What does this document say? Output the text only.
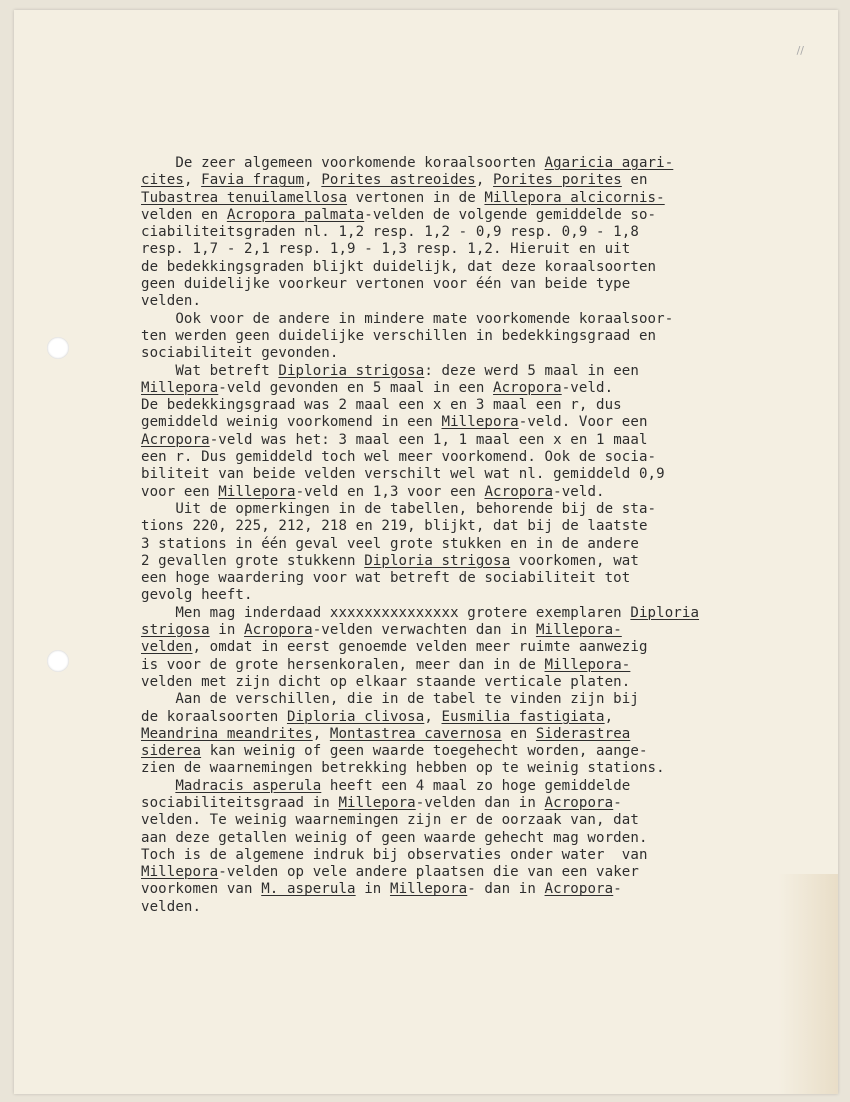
//
De zeer algemeen voorkomende koraalsoorten Agaricia agari-
cites, Favia fragum, Porites astreoides, Porites porites en
Tubastrea tenuilamellosa vertonen in de Millepora alcicornis-
velden en Acropora palmata-velden de volgende gemiddelde so-
ciabiliteitsgraden nl. 1,2 resp. 1,2 - 0,9 resp. 0,9 - 1,8
resp. 1,7 - 2,1 resp. 1,9 - 1,3 resp. 1,2. Hieruit en uit
de bedekkingsgraden blijkt duidelijk, dat deze koraalsoorten
geen duidelijke voorkeur vertonen voor één van beide type
velden.
Ook voor de andere in mindere mate voorkomende koraalsoor-
ten werden geen duidelijke verschillen in bedekkingsgraad en
sociabiliteit gevonden.
Wat betreft Diploria strigosa: deze werd 5 maal in een
Millepora-veld gevonden en 5 maal in een Acropora-veld.
De bedekkingsgraad was 2 maal een x en 3 maal een r, dus
gemiddeld weinig voorkomend in een Millepora-veld. Voor een
Acropora-veld was het: 3 maal een 1, 1 maal een x en 1 maal
een r. Dus gemiddeld toch wel meer voorkomend. Ook de socia-
biliteit van beide velden verschilt wel wat nl. gemiddeld 0,9
voor een Millepora-veld en 1,3 voor een Acropora-veld.
Uit de opmerkingen in de tabellen, behorende bij de sta-
tions 220, 225, 212, 218 en 219, blijkt, dat bij de laatste
3 stations in één geval veel grote stukken en in de andere
2 gevallen grote stukkenn Diploria strigosa voorkomen, wat
een hoge waardering voor wat betreft de sociabiliteit tot
gevolg heeft.
Men mag inderdaad xxxxxxxxxxxxxxx grotere exemplaren Diploria
strigosa in Acropora-velden verwachten dan in Millepora-
velden, omdat in eerst genoemde velden meer ruimte aanwezig
is voor de grote hersenkoralen, meer dan in de Millepora-
velden met zijn dicht op elkaar staande verticale platen.
Aan de verschillen, die in de tabel te vinden zijn bij
de koraalsoorten Diploria clivosa, Eusmilia fastigiata,
Meandrina meandrites, Montastrea cavernosa en Siderastrea
siderea kan weinig of geen waarde toegehecht worden, aange-
zien de waarnemingen betrekking hebben op te weinig stations.
Madracis asperula heeft een 4 maal zo hoge gemiddelde
sociabiliteitsgraad in Millepora-velden dan in Acropora-
velden. Te weinig waarnemingen zijn er de oorzaak van, dat
aan deze getallen weinig of geen waarde gehecht mag worden.
Toch is de algemene indruk bij observaties onder water  van
Millepora-velden op vele andere plaatsen die van een vaker
voorkomen van M. asperula in Millepora- dan in Acropora-
velden.
